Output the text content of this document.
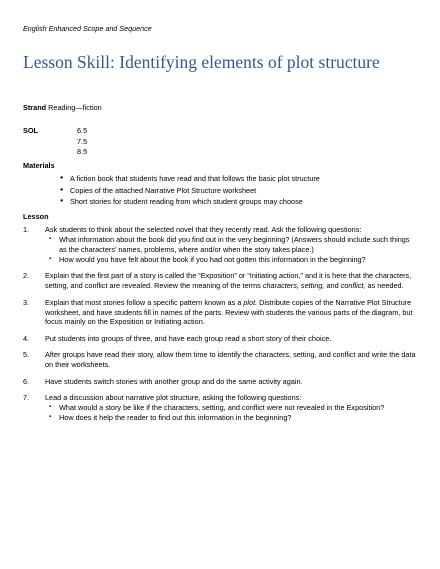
English Enhanced Scope and Sequence
Lesson Skill: Identifying elements of plot structure
Strand Reading—fiction
SOL	6.5
7.5
8.5
Materials
● A fiction book that students have read and that follows the basic plot structure
● Copies of the attached Narrative Plot Structure worksheet
● Short stories for student reading from which student groups may choose
Lesson
1. Ask students to think about the selected novel that they recently read. Ask the following questions:
▪ What information about the book did you find out in the very beginning? (Answers should include such things as the characters’ names, problems, where and/or when the story takes place.)
▪ How would you have felt about the book if you had not gotten this information in the beginning?
2. Explain that the first part of a story is called the “Exposition” or “Initiating action,” and it is here that the characters, setting, and conflict are revealed. Review the meaning of the terms characters, setting, and conflict, as needed.
3. Explain that most stories follow a specific pattern known as a plot. Distribute copies of the Narrative Plot Structure worksheet, and have students fill in names of the parts. Review with students the various parts of the diagram, but focus mainly on the Exposition or Initiating action.
4. Put students into groups of three, and have each group read a short story of their choice.
5. After groups have read their story, allow them time to identify the characters, setting, and conflict and write the data on their worksheets.
6. Have students switch stories with another group and do the same activity again.
7. Lead a discussion about narrative plot structure, asking the following questions:
▪ What would a story be like if the characters, setting, and conflict were not revealed in the Exposition?
▪ How does it help the reader to find out this information in the beginning?
